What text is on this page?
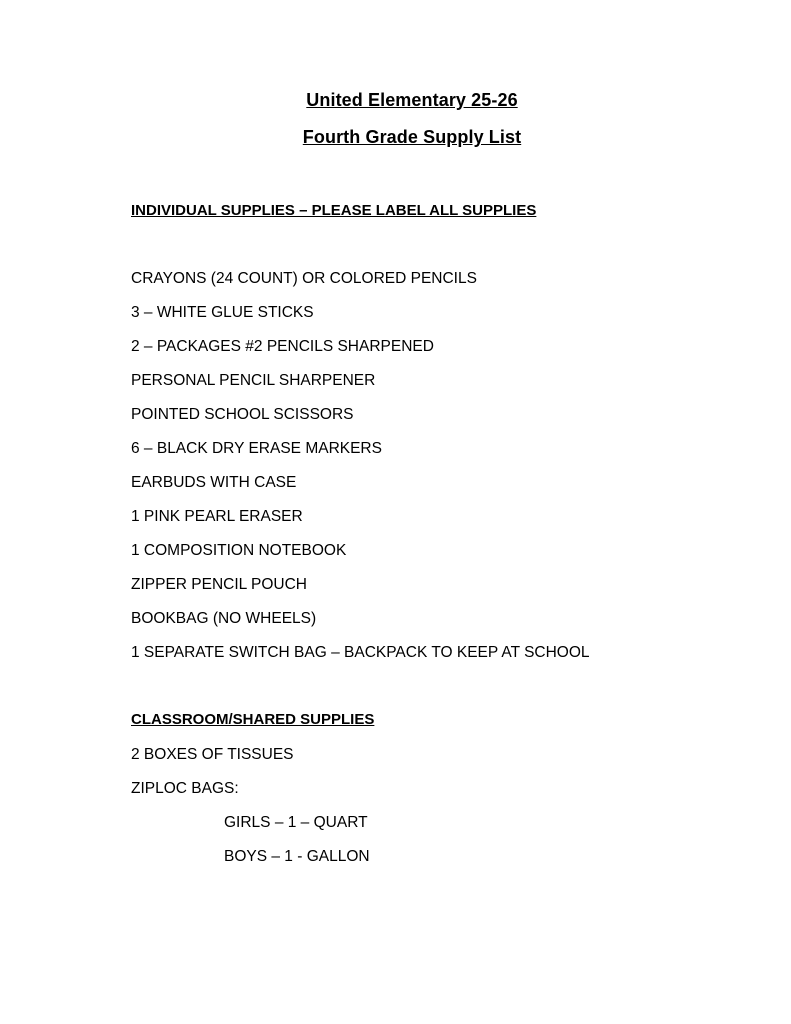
United Elementary 25-26
Fourth Grade Supply List
INDIVIDUAL SUPPLIES – PLEASE LABEL ALL SUPPLIES
CRAYONS (24 COUNT) OR COLORED PENCILS
3 – WHITE GLUE STICKS
2 – PACKAGES #2 PENCILS SHARPENED
PERSONAL PENCIL SHARPENER
POINTED SCHOOL SCISSORS
6 – BLACK DRY ERASE MARKERS
EARBUDS WITH CASE
1 PINK PEARL ERASER
1 COMPOSITION NOTEBOOK
ZIPPER PENCIL POUCH
BOOKBAG (NO WHEELS)
1 SEPARATE SWITCH BAG – BACKPACK TO KEEP AT SCHOOL
CLASSROOM/SHARED SUPPLIES
2 BOXES OF TISSUES
ZIPLOC BAGS:
GIRLS – 1 – QUART
BOYS – 1 - GALLON
